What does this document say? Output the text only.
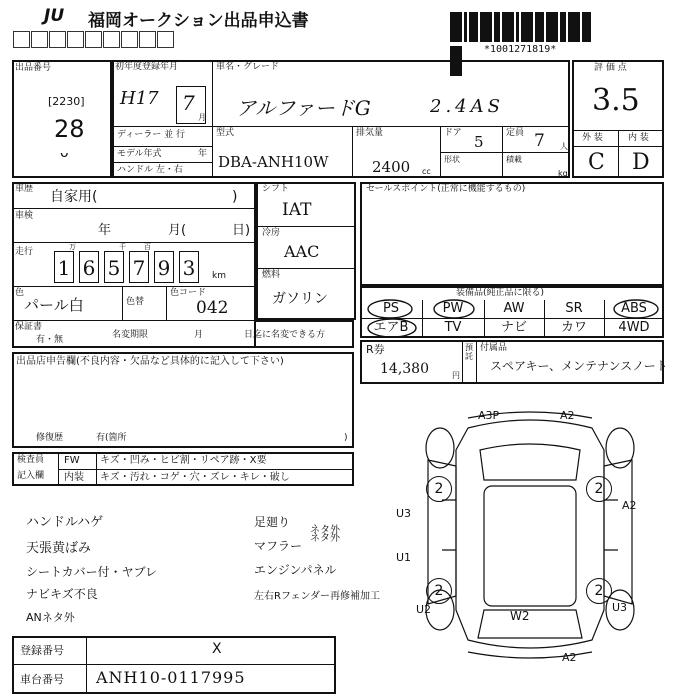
JU 福岡オークション出品申込書
*1001271819*
出品番号
[2230]
28
ᴗ
初年度登録年月
H17 7
月
ディーラー 並 行
モデル年式	年
ハンドル 左・右
車名・グレード
アルファードG	2.4AS
型式
DBA-ANH10W
排気量
2400 cc
ドア 5 定員 7 人
形状	積載
kg
評 価 点
3.5
外 装	内 装
C D
車歴 自家用(	)
車検
年	月(	日)
走行
1 6 5 7 9 3
万	千	百
km
色
パール白	色替
色コード
042
保証書
有・無	名変期限	月	日迄に名変できる方
シフト
IAT
冷房
AAC
燃料
ガソリン
セールスポイント(正常に機能するもの)
装備品(純正品に限る)
PS	PW	AW	SR	ABS
エアB	TV	ナビ	カワ	4WD
R券
14,380	円
預託
付属品
スペアキー、メンテナンスノート
出品店申告欄(不良内容・欠品など具体的に記入して下さい)
修復歴	有(箇所	)
検査員
記入欄
FW キズ・凹み・ヒビ割・リペア跡・X要
内装 キズ・汚れ・コゲ・穴・ズレ・キレ・破し
ハンドルハゲ
天張黄ばみ
シートカバー付・ヤブレ
ナビキズ不良
ANネタ外
足廻り
ネタ外
マフラー
ネタ外
エンジンパネル
左右Rフェンダー再修補加工
A3P	A2
U3
A2
U1
U2	W2
U3
A2
2	2
2	2
登録番号	X
車台番号 ANH10-0117995
